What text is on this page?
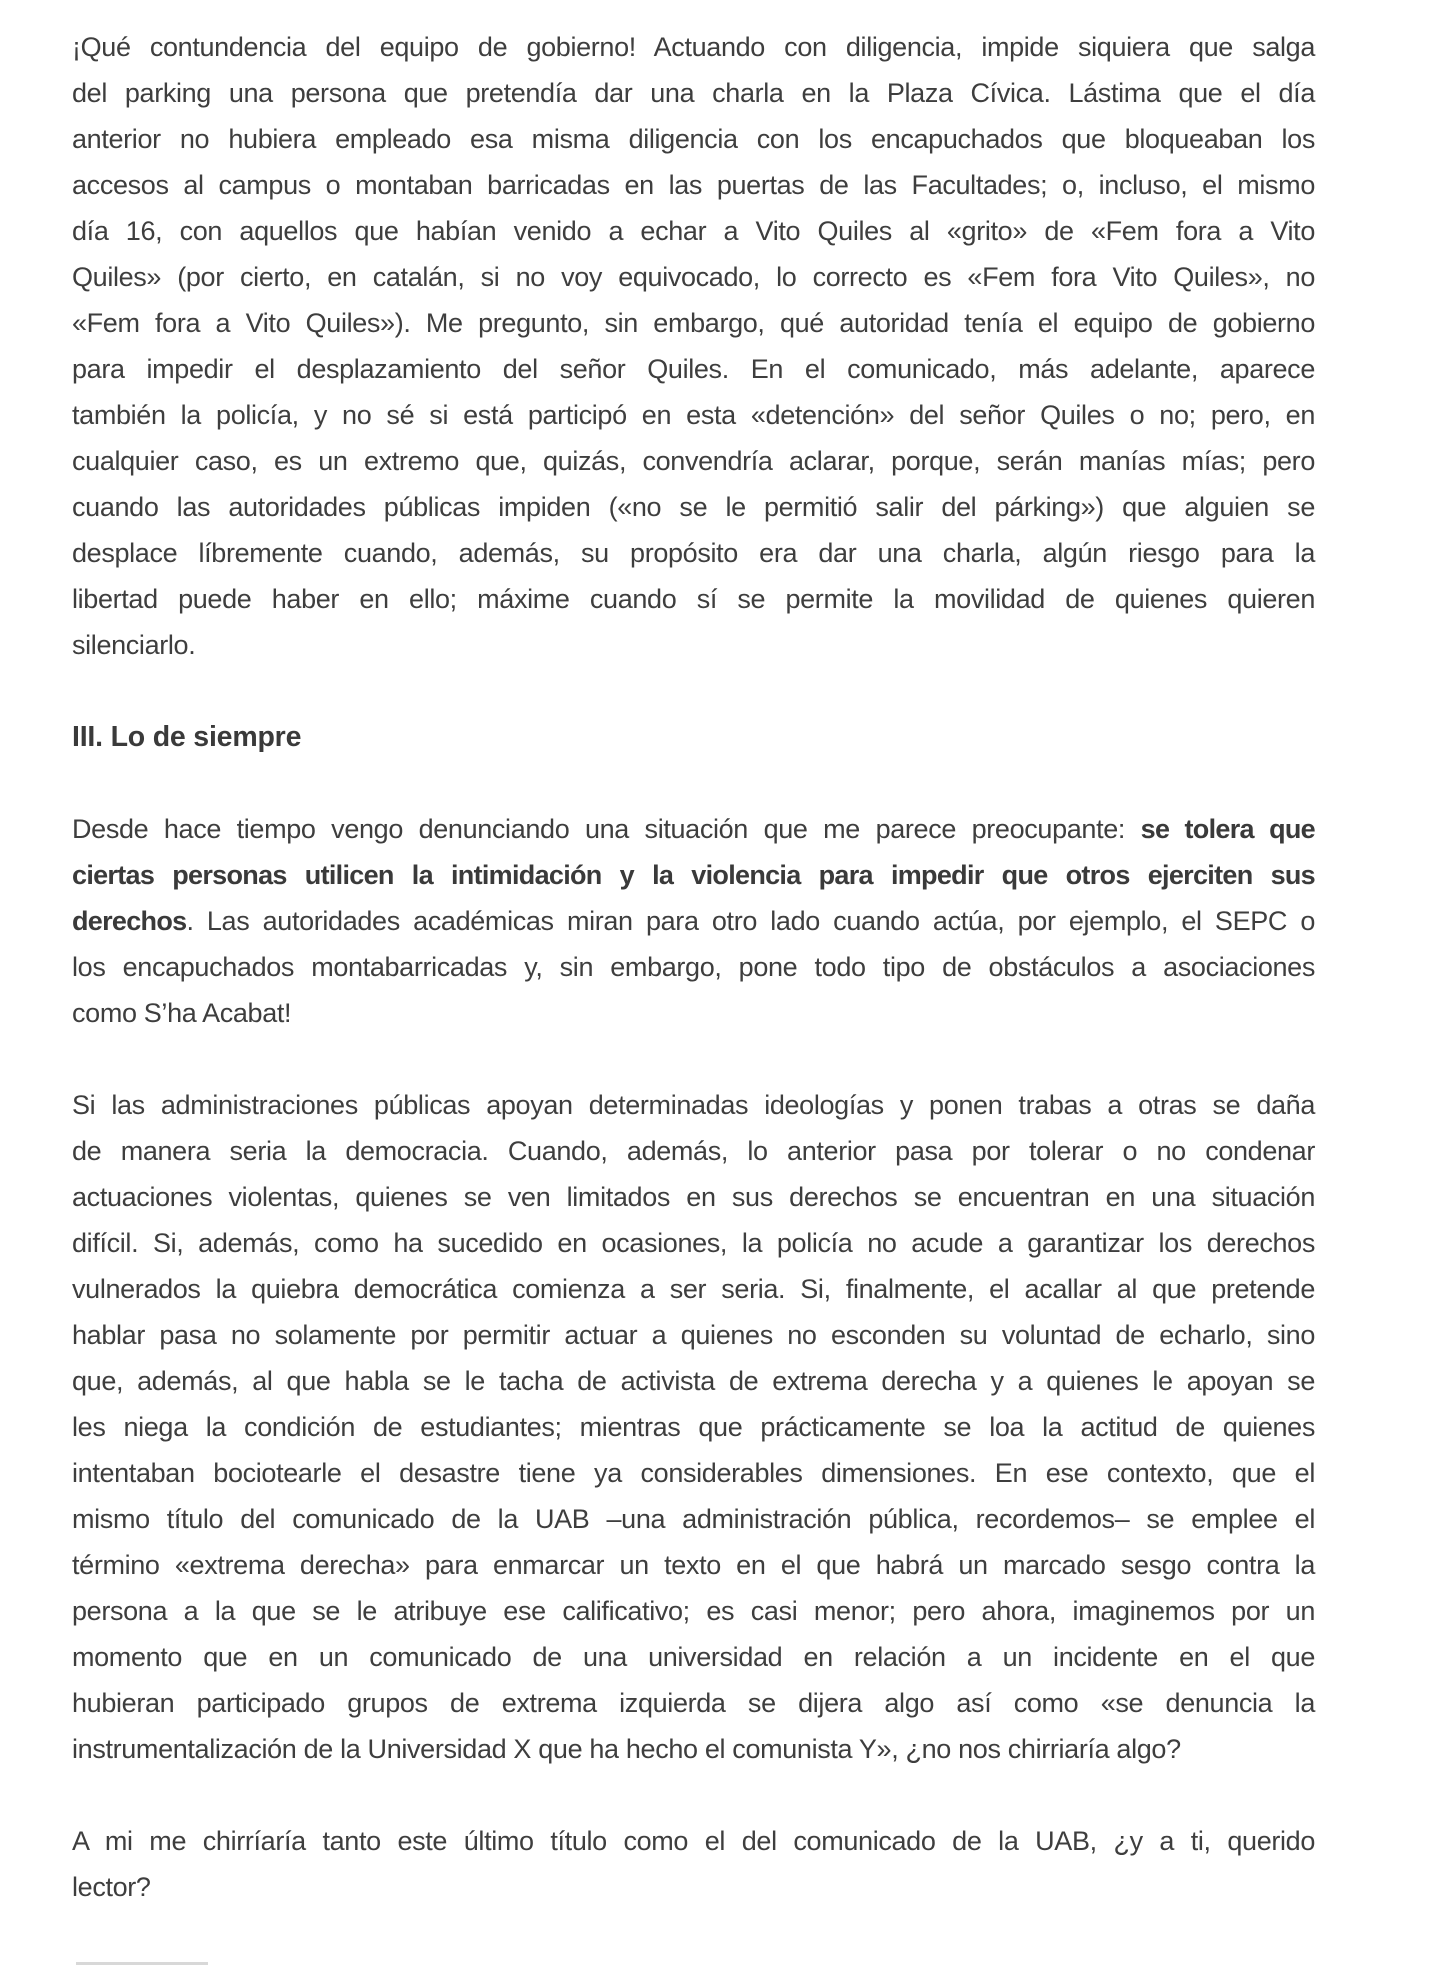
¡Qué contundencia del equipo de gobierno! Actuando con diligencia, impide siquiera que salga
del parking una persona que pretendía dar una charla en la Plaza Cívica. Lástima que el día
anterior no hubiera empleado esa misma diligencia con los encapuchados que bloqueaban los
accesos al campus o montaban barricadas en las puertas de las Facultades; o, incluso, el mismo
día 16, con aquellos que habían venido a echar a Vito Quiles al «grito» de «Fem fora a Vito
Quiles» (por cierto, en catalán, si no voy equivocado, lo correcto es «Fem fora Vito Quiles», no
«Fem fora a Vito Quiles»). Me pregunto, sin embargo, qué autoridad tenía el equipo de gobierno
para impedir el desplazamiento del señor Quiles. En el comunicado, más adelante, aparece
también la policía, y no sé si está participó en esta «detención» del señor Quiles o no; pero, en
cualquier caso, es un extremo que, quizás, convendría aclarar, porque, serán manías mías; pero
cuando las autoridades públicas impiden («no se le permitió salir del párking») que alguien se
desplace líbremente cuando, además, su propósito era dar una charla, algún riesgo para la
libertad puede haber en ello; máxime cuando sí se permite la movilidad de quienes quieren
silenciarlo.

III. Lo de siempre

Desde hace tiempo vengo denunciando una situación que me parece preocupante: se tolera que
ciertas personas utilicen la intimidación y la violencia para impedir que otros ejerciten sus
derechos. Las autoridades académicas miran para otro lado cuando actúa, por ejemplo, el SEPC o
los encapuchados montabarricadas y, sin embargo, pone todo tipo de obstáculos a asociaciones
como S’ha Acabat!

Si las administraciones públicas apoyan determinadas ideologías y ponen trabas a otras se daña
de manera seria la democracia. Cuando, además, lo anterior pasa por tolerar o no condenar
actuaciones violentas, quienes se ven limitados en sus derechos se encuentran en una situación
difícil. Si, además, como ha sucedido en ocasiones, la policía no acude a garantizar los derechos
vulnerados la quiebra democrática comienza a ser seria. Si, finalmente, el acallar al que pretende
hablar pasa no solamente por permitir actuar a quienes no esconden su voluntad de echarlo, sino
que, además, al que habla se le tacha de activista de extrema derecha y a quienes le apoyan se
les niega la condición de estudiantes; mientras que prácticamente se loa la actitud de quienes
intentaban bociotearle el desastre tiene ya considerables dimensiones. En ese contexto, que el
mismo título del comunicado de la UAB –una administración pública, recordemos– se emplee el
término «extrema derecha» para enmarcar un texto en el que habrá un marcado sesgo contra la
persona a la que se le atribuye ese calificativo; es casi menor; pero ahora, imaginemos por un
momento que en un comunicado de una universidad en relación a un incidente en el que
hubieran participado grupos de extrema izquierda se dijera algo así como «se denuncia la
instrumentalización de la Universidad X que ha hecho el comunista Y», ¿no nos chirriaría algo?

A mi me chirríaría tanto este último título como el del comunicado de la UAB, ¿y a ti, querido
lector?
